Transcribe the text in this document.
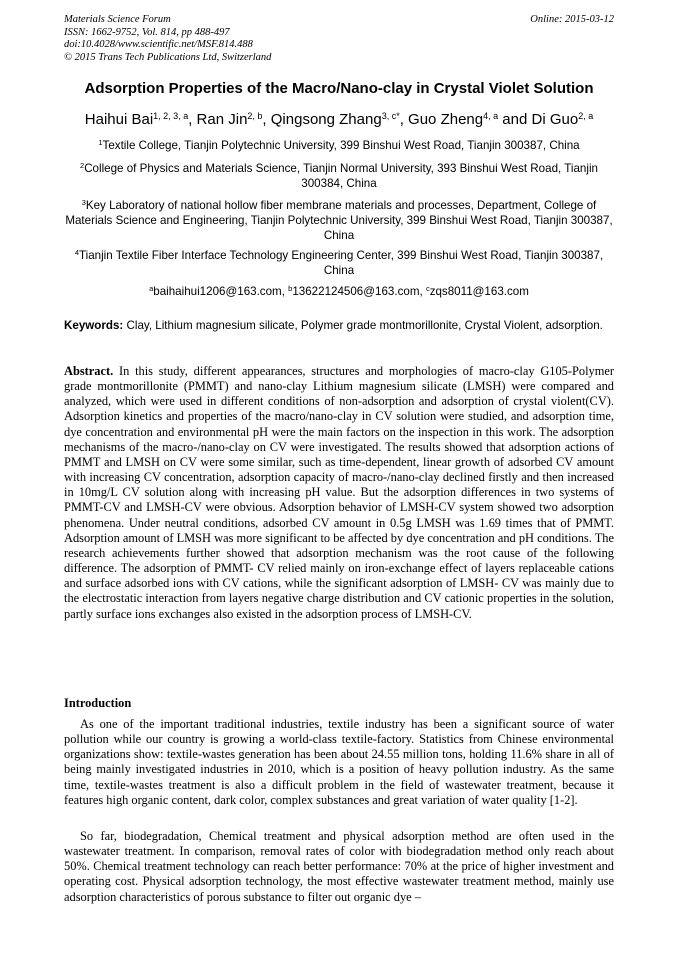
Materials Science Forum
ISSN: 1662-9752, Vol. 814, pp 488-497
doi:10.4028/www.scientific.net/MSF.814.488
© 2015 Trans Tech Publications Ltd, Switzerland
Online: 2015-03-12
Adsorption Properties of the Macro/Nano-clay in Crystal Violet Solution
Haihui Bai$^{1, 2, 3, a}$, Ran Jin$^{2, b}$, Qingsong Zhang$^{3, c*}$, Guo Zheng$^{4, a}$ and Di Guo$^{2, a}$
$^1$Textile College, Tianjin Polytechnic University, 399 Binshui West Road, Tianjin 300387, China
$^2$College of Physics and Materials Science, Tianjin Normal University, 393 Binshui West Road, Tianjin 300384, China
$^3$Key Laboratory of national hollow fiber membrane materials and processes, Department, College of Materials Science and Engineering, Tianjin Polytechnic University, 399 Binshui West Road, Tianjin 300387, China
$^4$Tianjin Textile Fiber Interface Technology Engineering Center, 399 Binshui West Road, Tianjin 300387, China
$^a$baihaihui1206@163.com, $^b$13622124506@163.com, $^c$zqs8011@163.com
Keywords: Clay, Lithium magnesium silicate, Polymer grade montmorillonite, Crystal Violent, adsorption.
Abstract. In this study, different appearances, structures and morphologies of macro-clay G105-Polymer grade montmorillonite (PMMT) and nano-clay Lithium magnesium silicate (LMSH) were compared and analyzed, which were used in different conditions of non-adsorption and adsorption of crystal violent(CV). Adsorption kinetics and properties of the macro/nano-clay in CV solution were studied, and adsorption time, dye concentration and environmental pH were the main factors on the inspection in this work. The adsorption mechanisms of the macro-/nano-clay on CV were investigated. The results showed that adsorption actions of PMMT and LMSH on CV were some similar, such as time-dependent, linear growth of adsorbed CV amount with increasing CV concentration, adsorption capacity of macro-/nano-clay declined firstly and then increased in 10mg/L CV solution along with increasing pH value. But the adsorption differences in two systems of PMMT-CV and LMSH-CV were obvious. Adsorption behavior of LMSH-CV system showed two adsorption phenomena. Under neutral conditions, adsorbed CV amount in 0.5g LMSH was 1.69 times that of PMMT. Adsorption amount of LMSH was more significant to be affected by dye concentration and pH conditions. The research achievements further showed that adsorption mechanism was the root cause of the following difference. The adsorption of PMMT- CV relied mainly on iron-exchange effect of layers replaceable cations and surface adsorbed ions with CV cations, while the significant adsorption of LMSH- CV was mainly due to the electrostatic interaction from layers negative charge distribution and CV cationic properties in the solution, partly surface ions exchanges also existed in the adsorption process of LMSH-CV.
Introduction

As one of the important traditional industries, textile industry has been a significant source of water pollution while our country is growing a world-class textile-factory. Statistics from Chinese environmental organizations show: textile-wastes generation has been about 24.55 million tons, holding 11.6% share in all of being mainly investigated industries in 2010, which is a position of heavy pollution industry. As the same time, textile-wastes treatment is also a difficult problem in the field of wastewater treatment, because it features high organic content, dark color, complex substances and great variation of water quality [1-2].

So far, biodegradation, Chemical treatment and physical adsorption method are often used in the wastewater treatment. In comparison, removal rates of color with biodegradation method only reach about 50%. Chemical treatment technology can reach better performance: 70% at the price of higher investment and operating cost. Physical adsorption technology, the most effective wastewater treatment method, mainly use adsorption characteristics of porous substance to filter out organic dye –
